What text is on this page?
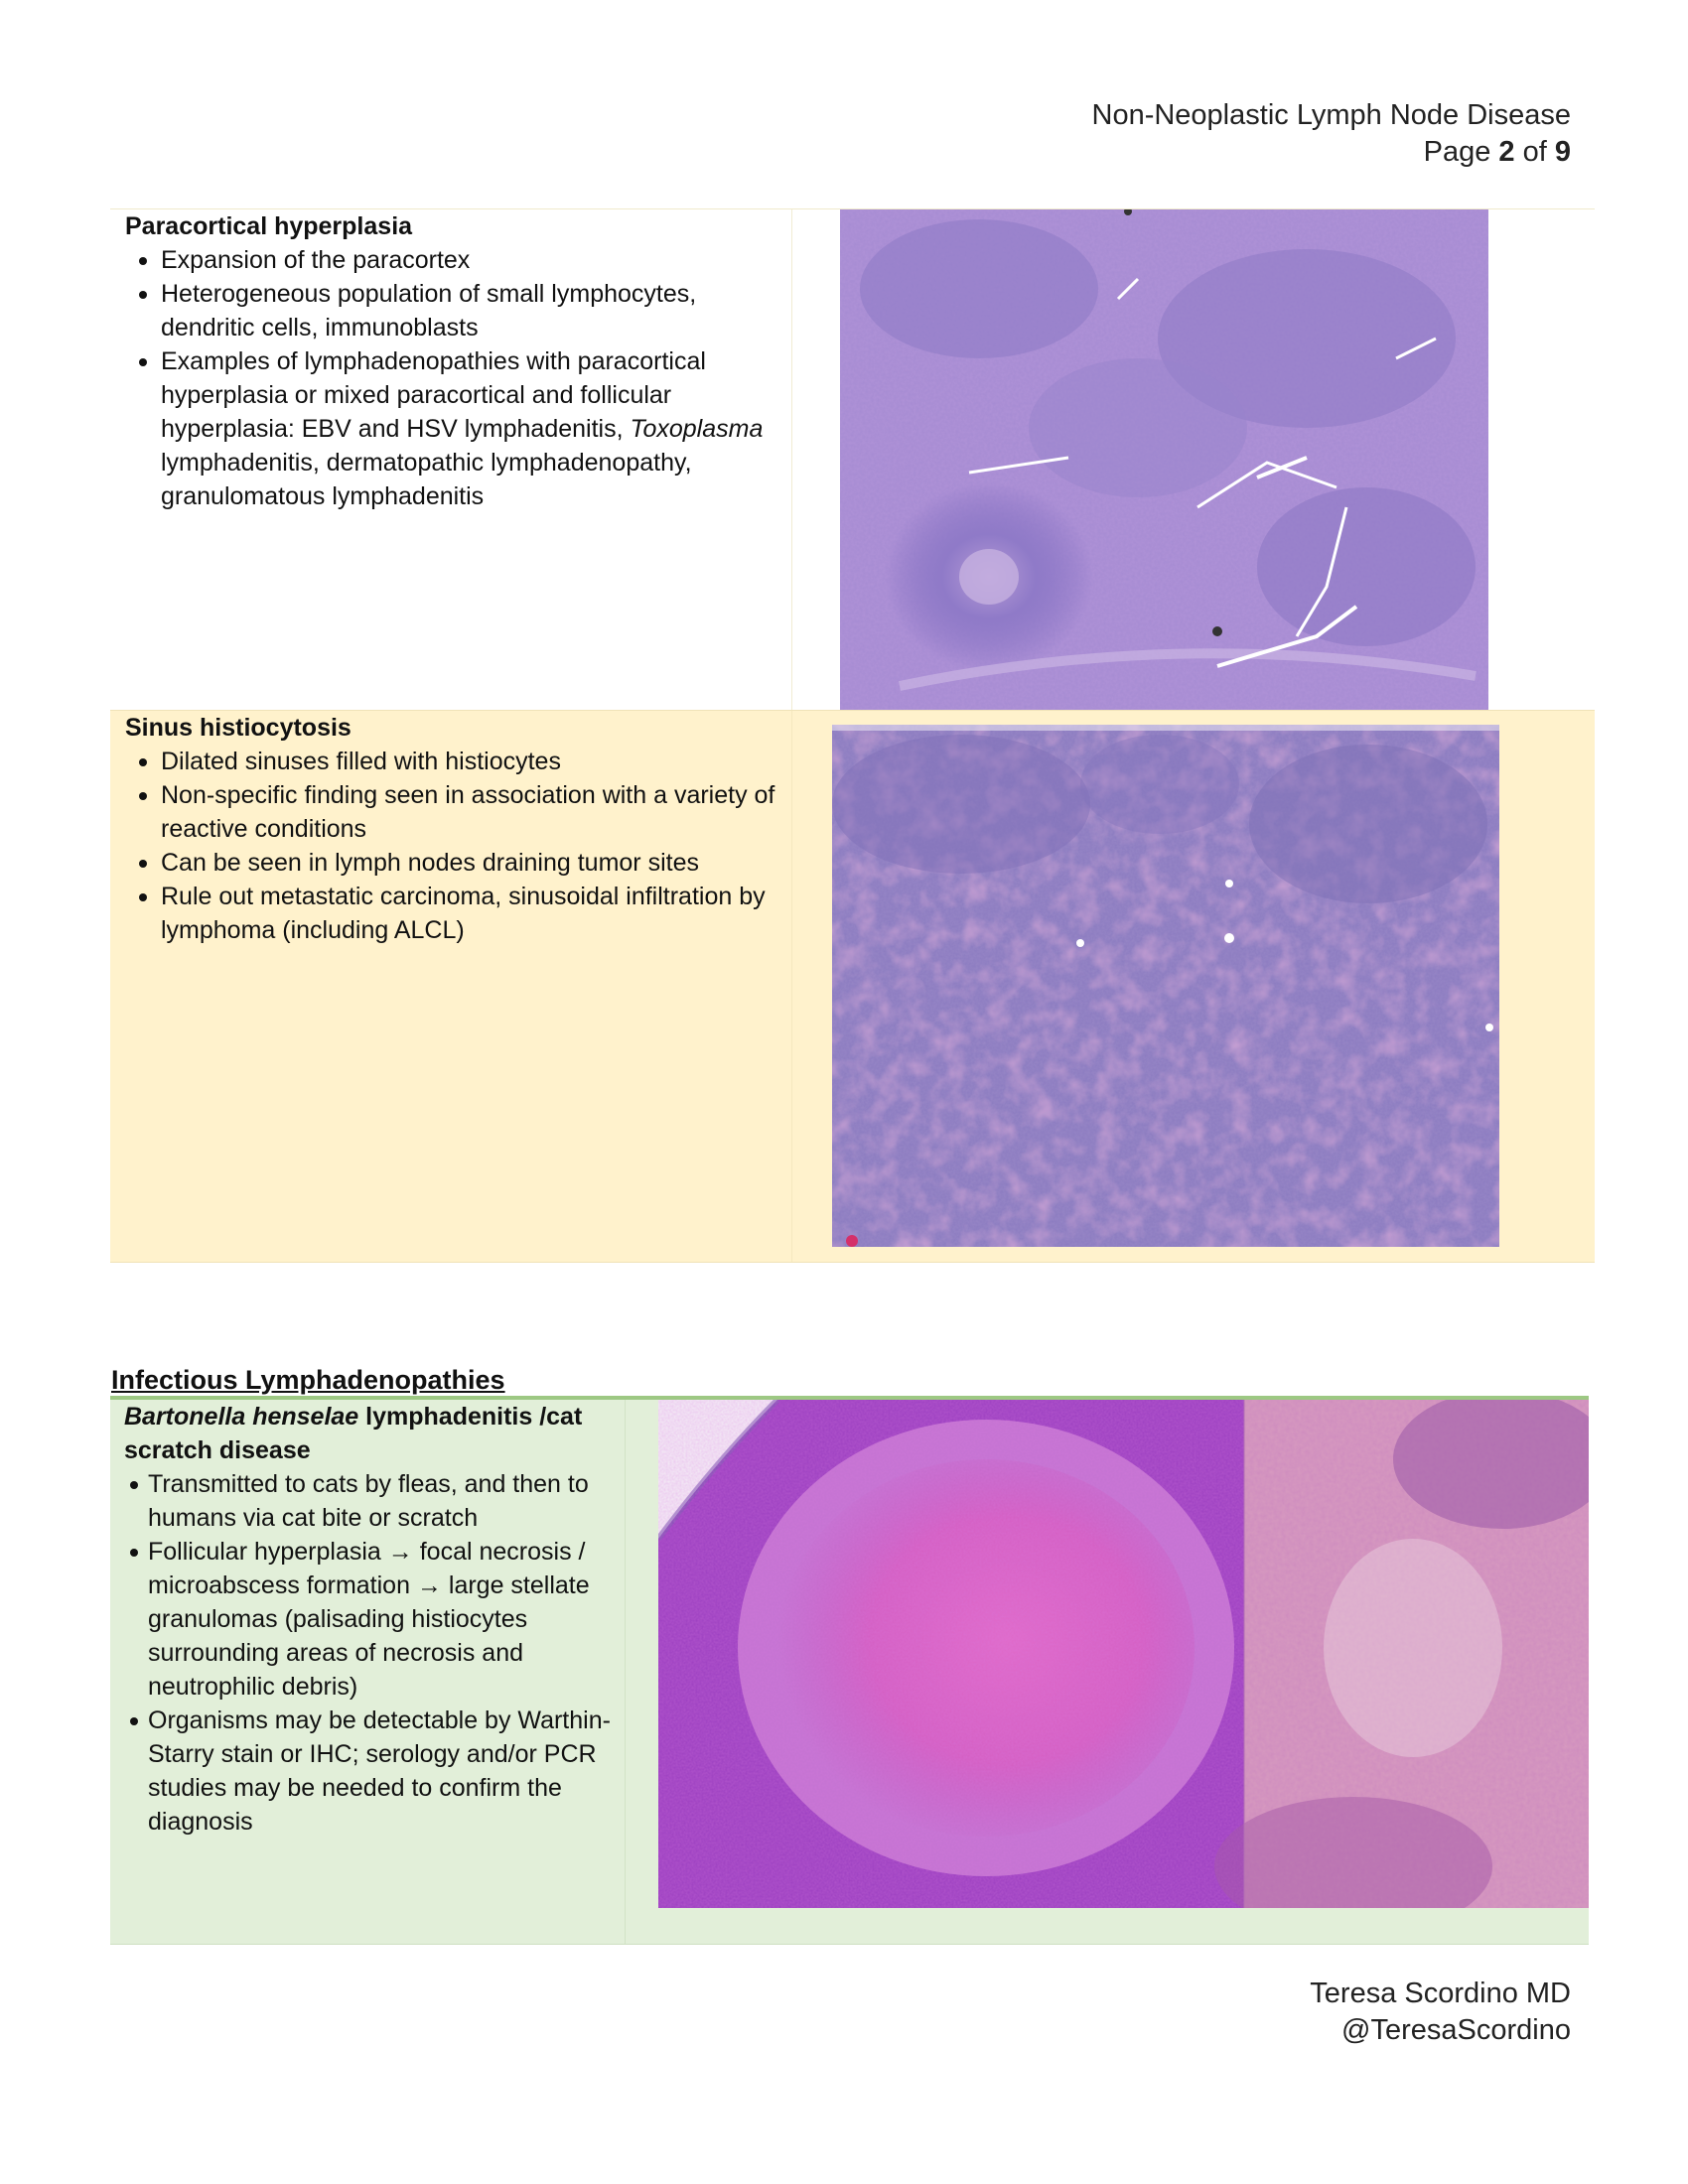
Non-Neoplastic Lymph Node Disease
Page 2 of 9

Paracortical hyperplasia

Expansion of the paracortex
Heterogeneous population of small lymphocytes, dendritic cells, immunoblasts
Examples of lymphadenopathies with paracortical hyperplasia or mixed paracortical and follicular hyperplasia: EBV and HSV lymphadenitis, Toxoplasma lymphadenitis, dermatopathic lymphadenopathy, granulomatous lymphadenitis

Sinus histiocytosis

Dilated sinuses filled with histiocytes
Non-specific finding seen in association with a variety of reactive conditions
Can be seen in lymph nodes draining tumor sites
Rule out metastatic carcinoma, sinusoidal infiltration by lymphoma (including ALCL)
Infectious Lymphadenopathies

Bartonella henselae lymphadenitis /cat scratch disease

Transmitted to cats by fleas, and then to humans via cat bite or scratch
Follicular hyperplasia → focal necrosis / microabscess formation → large stellate granulomas (palisading histiocytes surrounding areas of necrosis and neutrophilic debris)
Organisms may be detectable by Warthin-Starry stain or IHC; serology and/or PCR studies may be needed to confirm the diagnosis
Teresa Scordino MD
@TeresaScordino
